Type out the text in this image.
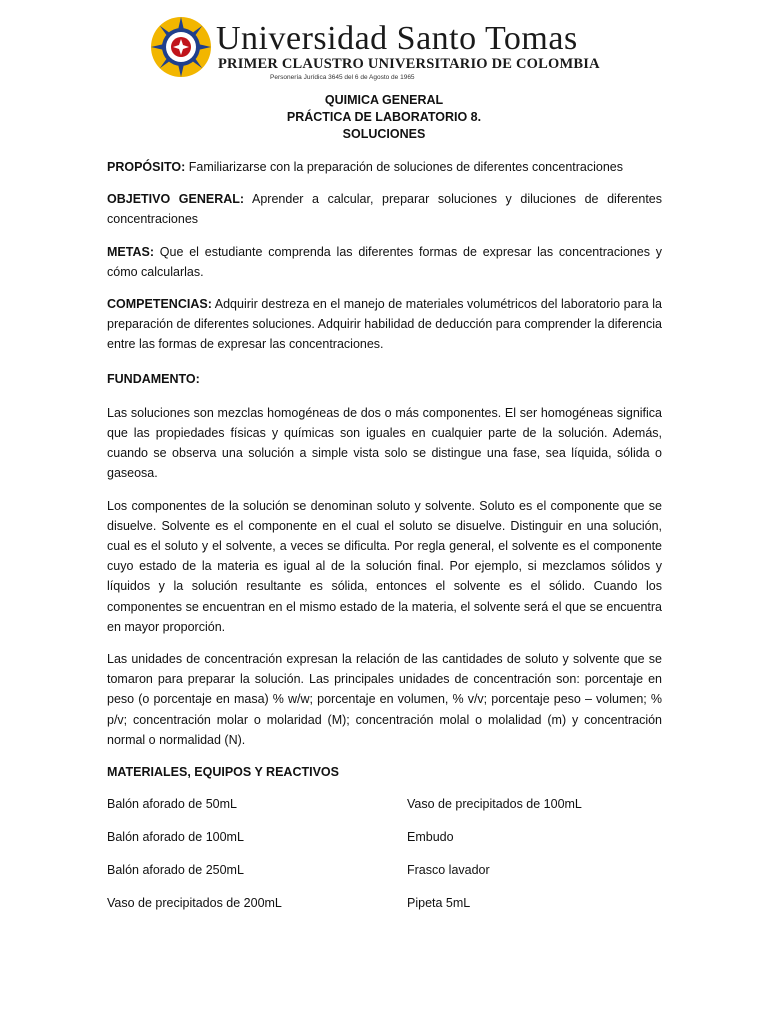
Universidad Santo Tomas
PRIMER CLAUSTRO UNIVERSITARIO DE COLOMBIA
Personería Jurídica 3645 del 6 de Agosto de 1965
QUIMICA GENERAL
PRÁCTICA DE LABORATORIO 8.
SOLUCIONES

PROPÓSITO: Familiarizarse con la preparación de soluciones de diferentes concentraciones

OBJETIVO GENERAL: Aprender a calcular, preparar soluciones y diluciones de diferentes concentraciones

METAS: Que el estudiante comprenda las diferentes formas de expresar las concentraciones y cómo calcularlas.

COMPETENCIAS: Adquirir destreza en el manejo de materiales volumétricos del laboratorio para la preparación de diferentes soluciones. Adquirir habilidad de deducción para comprender la diferencia entre las formas de expresar las concentraciones.

FUNDAMENTO:

Las soluciones son mezclas homogéneas de dos o más componentes. El ser homogéneas significa que las propiedades físicas y químicas son iguales en cualquier parte de la solución. Además, cuando se observa una solución a simple vista solo se distingue una fase, sea líquida, sólida o gaseosa.

Los componentes de la solución se denominan soluto y solvente. Soluto es el componente que se disuelve. Solvente es el componente en el cual el soluto se disuelve. Distinguir en una solución, cual es el soluto y el solvente, a veces se dificulta. Por regla general, el solvente es el componente cuyo estado de la materia es igual al de la solución final. Por ejemplo, si mezclamos sólidos y líquidos y la solución resultante es sólida, entonces el solvente es el sólido. Cuando los componentes se encuentran en el mismo estado de la materia, el solvente será el que se encuentra en mayor proporción.

Las unidades de concentración expresan la relación de las cantidades de soluto y solvente que se tomaron para preparar la solución. Las principales unidades de concentración son: porcentaje en peso (o porcentaje en masa) % w/w; porcentaje en volumen, % v/v; porcentaje peso – volumen; % p/v; concentración molar o molaridad (M); concentración molal o molalidad (m) y concentración normal o normalidad (N).

MATERIALES, EQUIPOS Y REACTIVOS
Balón aforado de 50mL	Vaso de precipitados de 100mL
Balón aforado de 100mL	Embudo
Balón aforado de 250mL	Frasco lavador
Vaso de precipitados de 200mL	Pipeta 5mL
